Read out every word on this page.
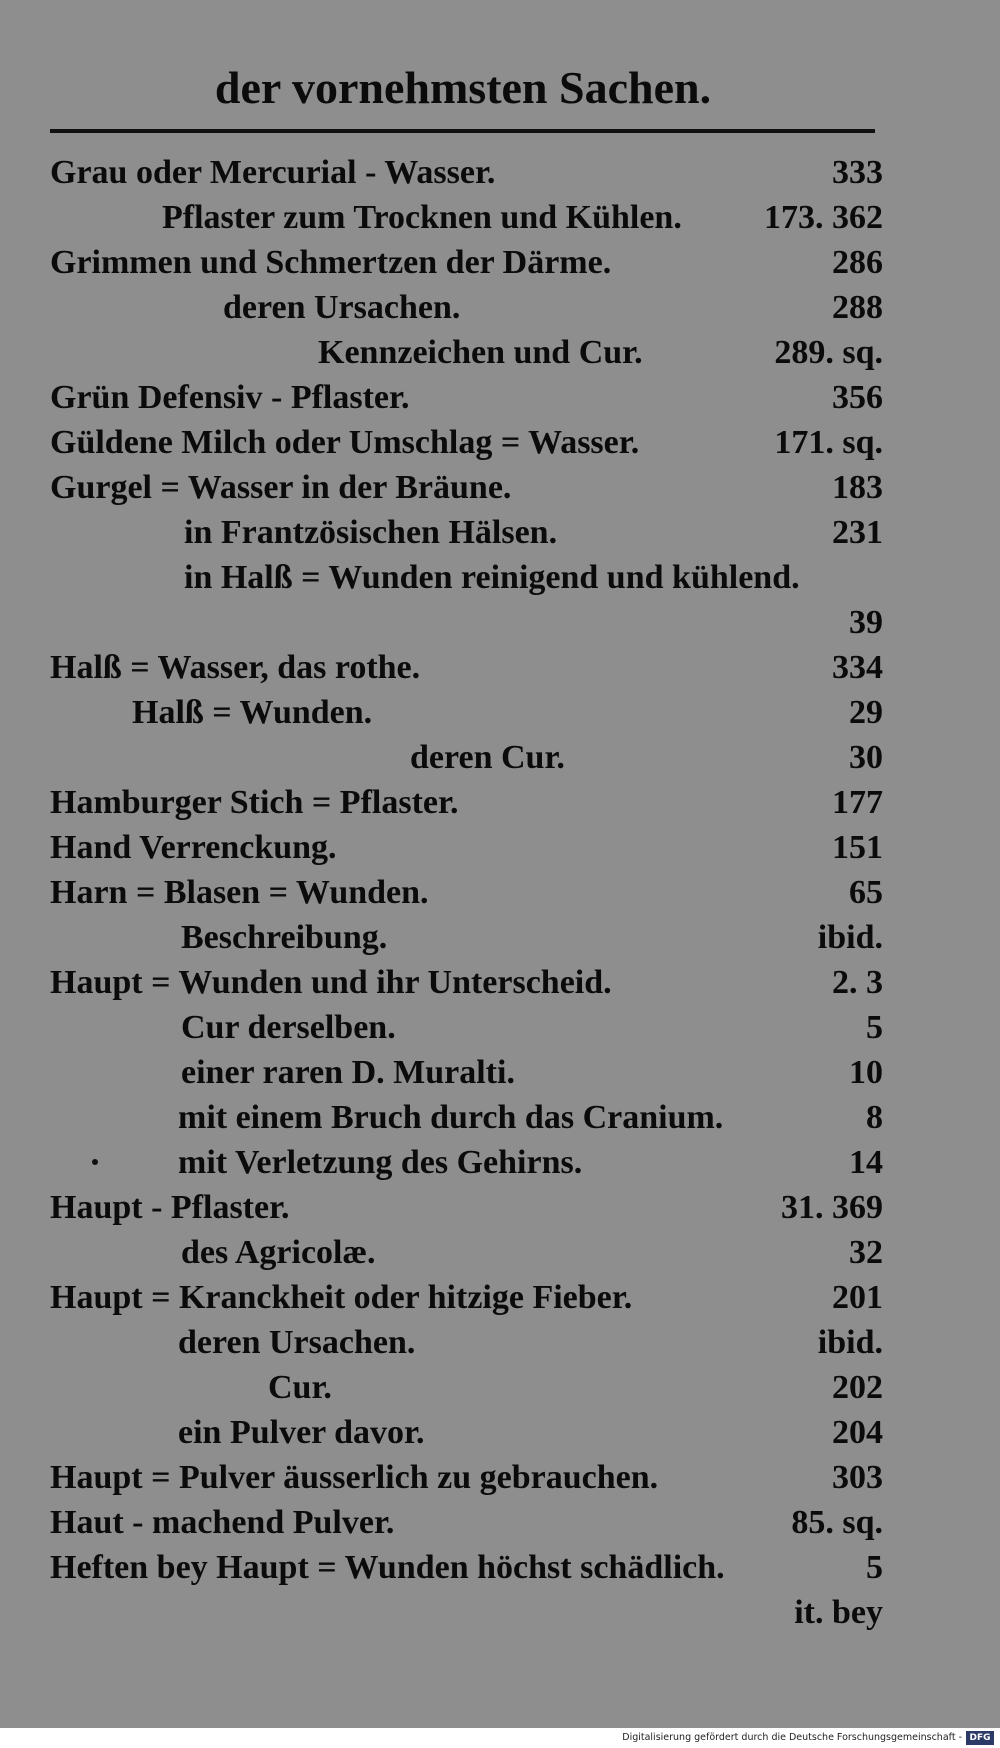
der vornehmsten Sachen.
Grau oder Mercurial - Wasser.	333
Pflaster zum Trocknen und Kühlen. 173. 362
Grimmen und Schmertzen der Därme.	286
deren Ursachen.	288
Kennzeichen und Cur.	289. sq.
Grün Defensiv - Pflaster.	356
Güldene Milch oder Umschlag = Wasser.	171. sq.
Gurgel = Wasser in der Bräune.	183
in Frantzösischen Hälsen.	231
in Halß = Wunden reinigend und kühlend.
39
Halß = Wasser, das rothe.	334
Halß = Wunden.	29
deren Cur.	30
Hamburger Stich = Pflaster.	177
Hand Verrenckung.	151
Harn = Blasen = Wunden.	65
Beschreibung.	ibid.
Haupt = Wunden und ihr Unterscheid.	2. 3
Cur derselben.	5
einer raren D. Muralti.	10
mit einem Bruch durch das Cranium.	8
mit Verletzung des Gehirns.	14
Haupt - Pflaster.	31. 369
des Agricolæ.	32
Haupt = Kranckheit oder hitzige Fieber.	201
deren Ursachen.	ibid.
Cur.	202
ein Pulver davor.	204
Haupt = Pulver äusserlich zu gebrauchen.	303
Haut - machend Pulver.	85. sq.
Heften bey Haupt = Wunden höchst schädlich.	5
it. bey
Digitalisierung gefördert durch die Deutsche Forschungsgemeinschaft - DFG
